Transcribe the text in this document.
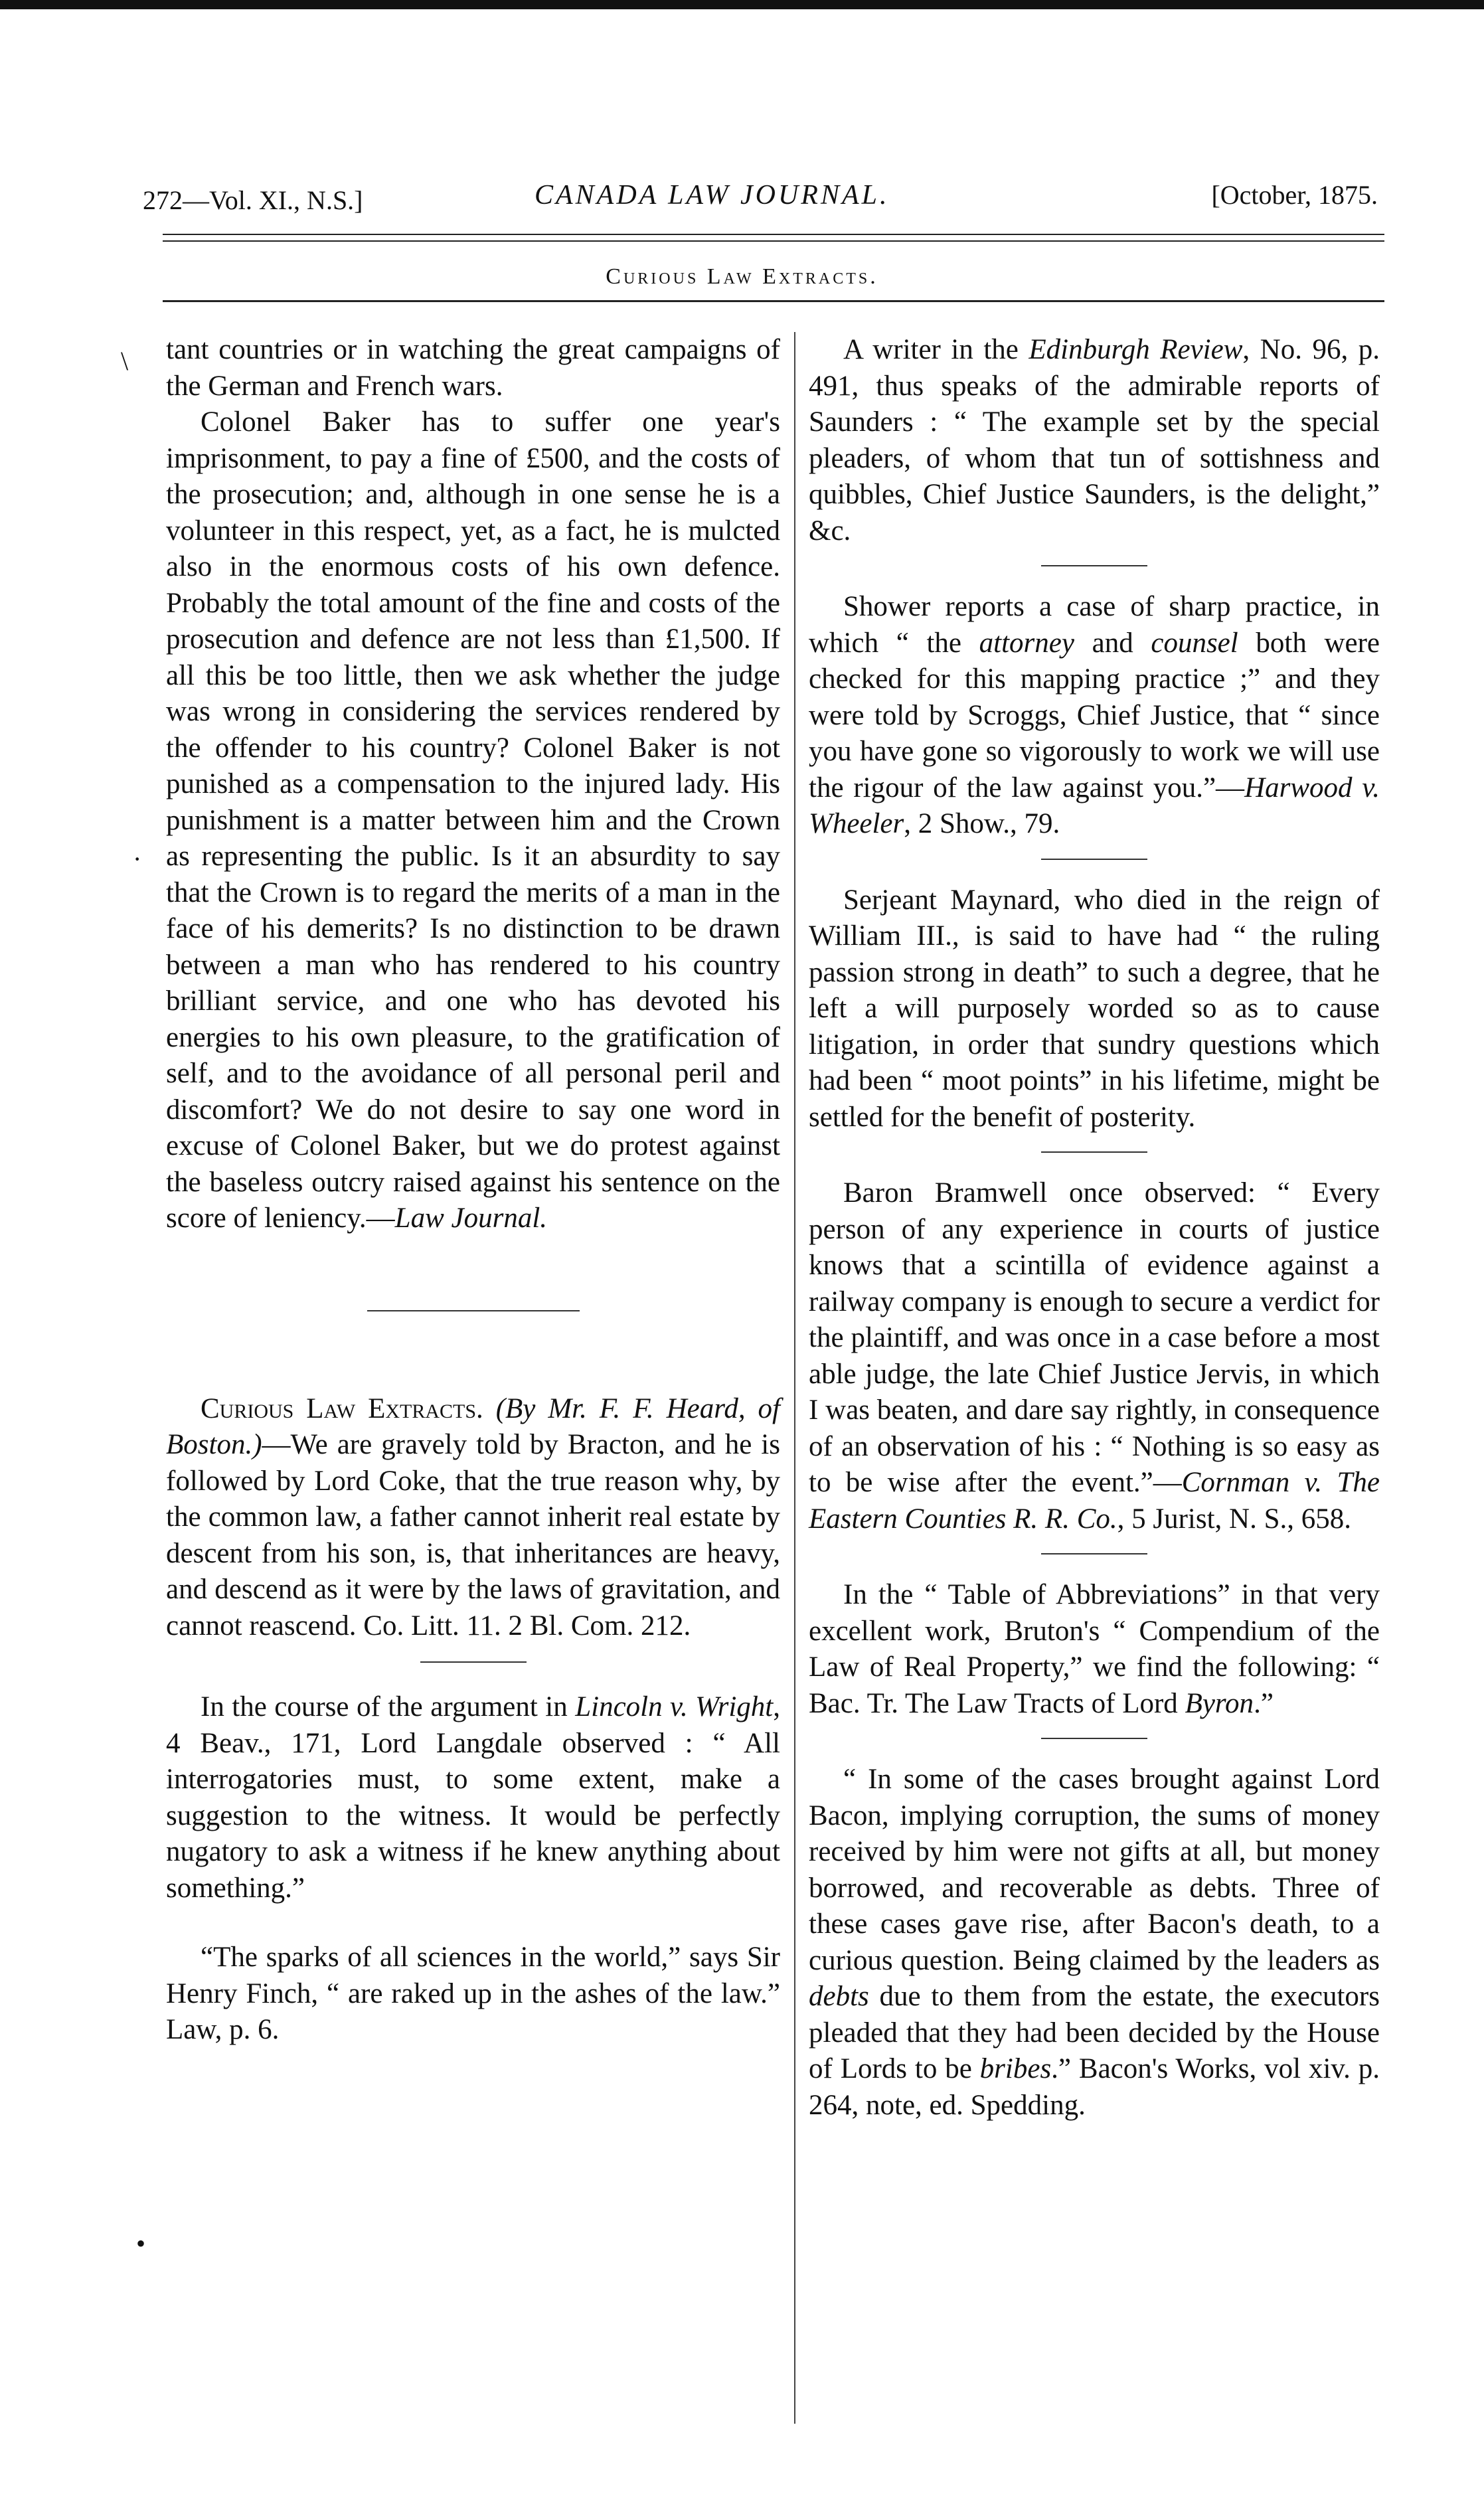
272—Vol. XI., N.S.]	CANADA LAW JOURNAL.	[October, 1875.
Curious Law Extracts.
\
·
•

tant countries or in watching the great campaigns of the German and French wars.

Colonel Baker has to suffer one year's imprisonment, to pay a fine of £500, and the costs of the prosecution; and, although in one sense he is a volunteer in this respect, yet, as a fact, he is mulcted also in the enormous costs of his own defence. Probably the total amount of the fine and costs of the prosecution and defence are not less than £1,500. If all this be too little, then we ask whether the judge was wrong in considering the services rendered by the offender to his country? Colonel Baker is not punished as a compensation to the injured lady. His punishment is a matter between him and the Crown as representing the public. Is it an absurdity to say that the Crown is to regard the merits of a man in the face of his demerits? Is no distinction to be drawn between a man who has rendered to his country brilliant service, and one who has devoted his energies to his own pleasure, to the gratification of self, and to the avoidance of all personal peril and discomfort? We do not desire to say one word in excuse of Colonel Baker, but we do protest against the baseless outcry raised against his sentence on the score of leniency.—Law Journal.

Curious Law Extracts. (By Mr. F. F. Heard, of Boston.)—We are gravely told by Bracton, and he is followed by Lord Coke, that the true reason why, by the common law, a father cannot inherit real estate by descent from his son, is, that inheritances are heavy, and descend as it were by the laws of gravitation, and cannot reascend. Co. Litt. 11. 2 Bl. Com. 212.

In the course of the argument in Lincoln v. Wright, 4 Beav., 171, Lord Langdale observed : “ All interrogatories must, to some extent, make a suggestion to the witness. It would be perfectly nugatory to ask a witness if he knew anything about something.”

“The sparks of all sciences in the world,” says Sir Henry Finch, “ are raked up in the ashes of the law.” Law, p. 6.

A writer in the Edinburgh Review, No. 96, p. 491, thus speaks of the admirable reports of Saunders : “ The example set by the special pleaders, of whom that tun of sottishness and quibbles, Chief Justice Saunders, is the delight,” &c.

Shower reports a case of sharp practice, in which “ the attorney and counsel both were checked for this mapping practice ;” and they were told by Scroggs, Chief Justice, that “ since you have gone so vigorously to work we will use the rigour of the law against you.”—Harwood v. Wheeler, 2 Show., 79.

Serjeant Maynard, who died in the reign of William III., is said to have had “ the ruling passion strong in death” to such a degree, that he left a will purposely worded so as to cause litigation, in order that sundry questions which had been “ moot points” in his lifetime, might be settled for the benefit of posterity.

Baron Bramwell once observed: “ Every person of any experience in courts of justice knows that a scintilla of evidence against a railway company is enough to secure a verdict for the plaintiff, and was once in a case before a most able judge, the late Chief Justice Jervis, in which I was beaten, and dare say rightly, in consequence of an observation of his : “ Nothing is so easy as to be wise after the event.”—Cornman v. The Eastern Counties R. R. Co., 5 Jurist, N. S., 658.

In the “ Table of Abbreviations” in that very excellent work, Bruton's “ Compendium of the Law of Real Property,” we find the following: “ Bac. Tr. The Law Tracts of Lord Byron.”

“ In some of the cases brought against Lord Bacon, implying corruption, the sums of money received by him were not gifts at all, but money borrowed, and recoverable as debts. Three of these cases gave rise, after Bacon's death, to a curious question. Being claimed by the leaders as debts due to them from the estate, the executors pleaded that they had been decided by the House of Lords to be bribes.” Bacon's Works, vol xiv. p. 264, note, ed. Spedding.
